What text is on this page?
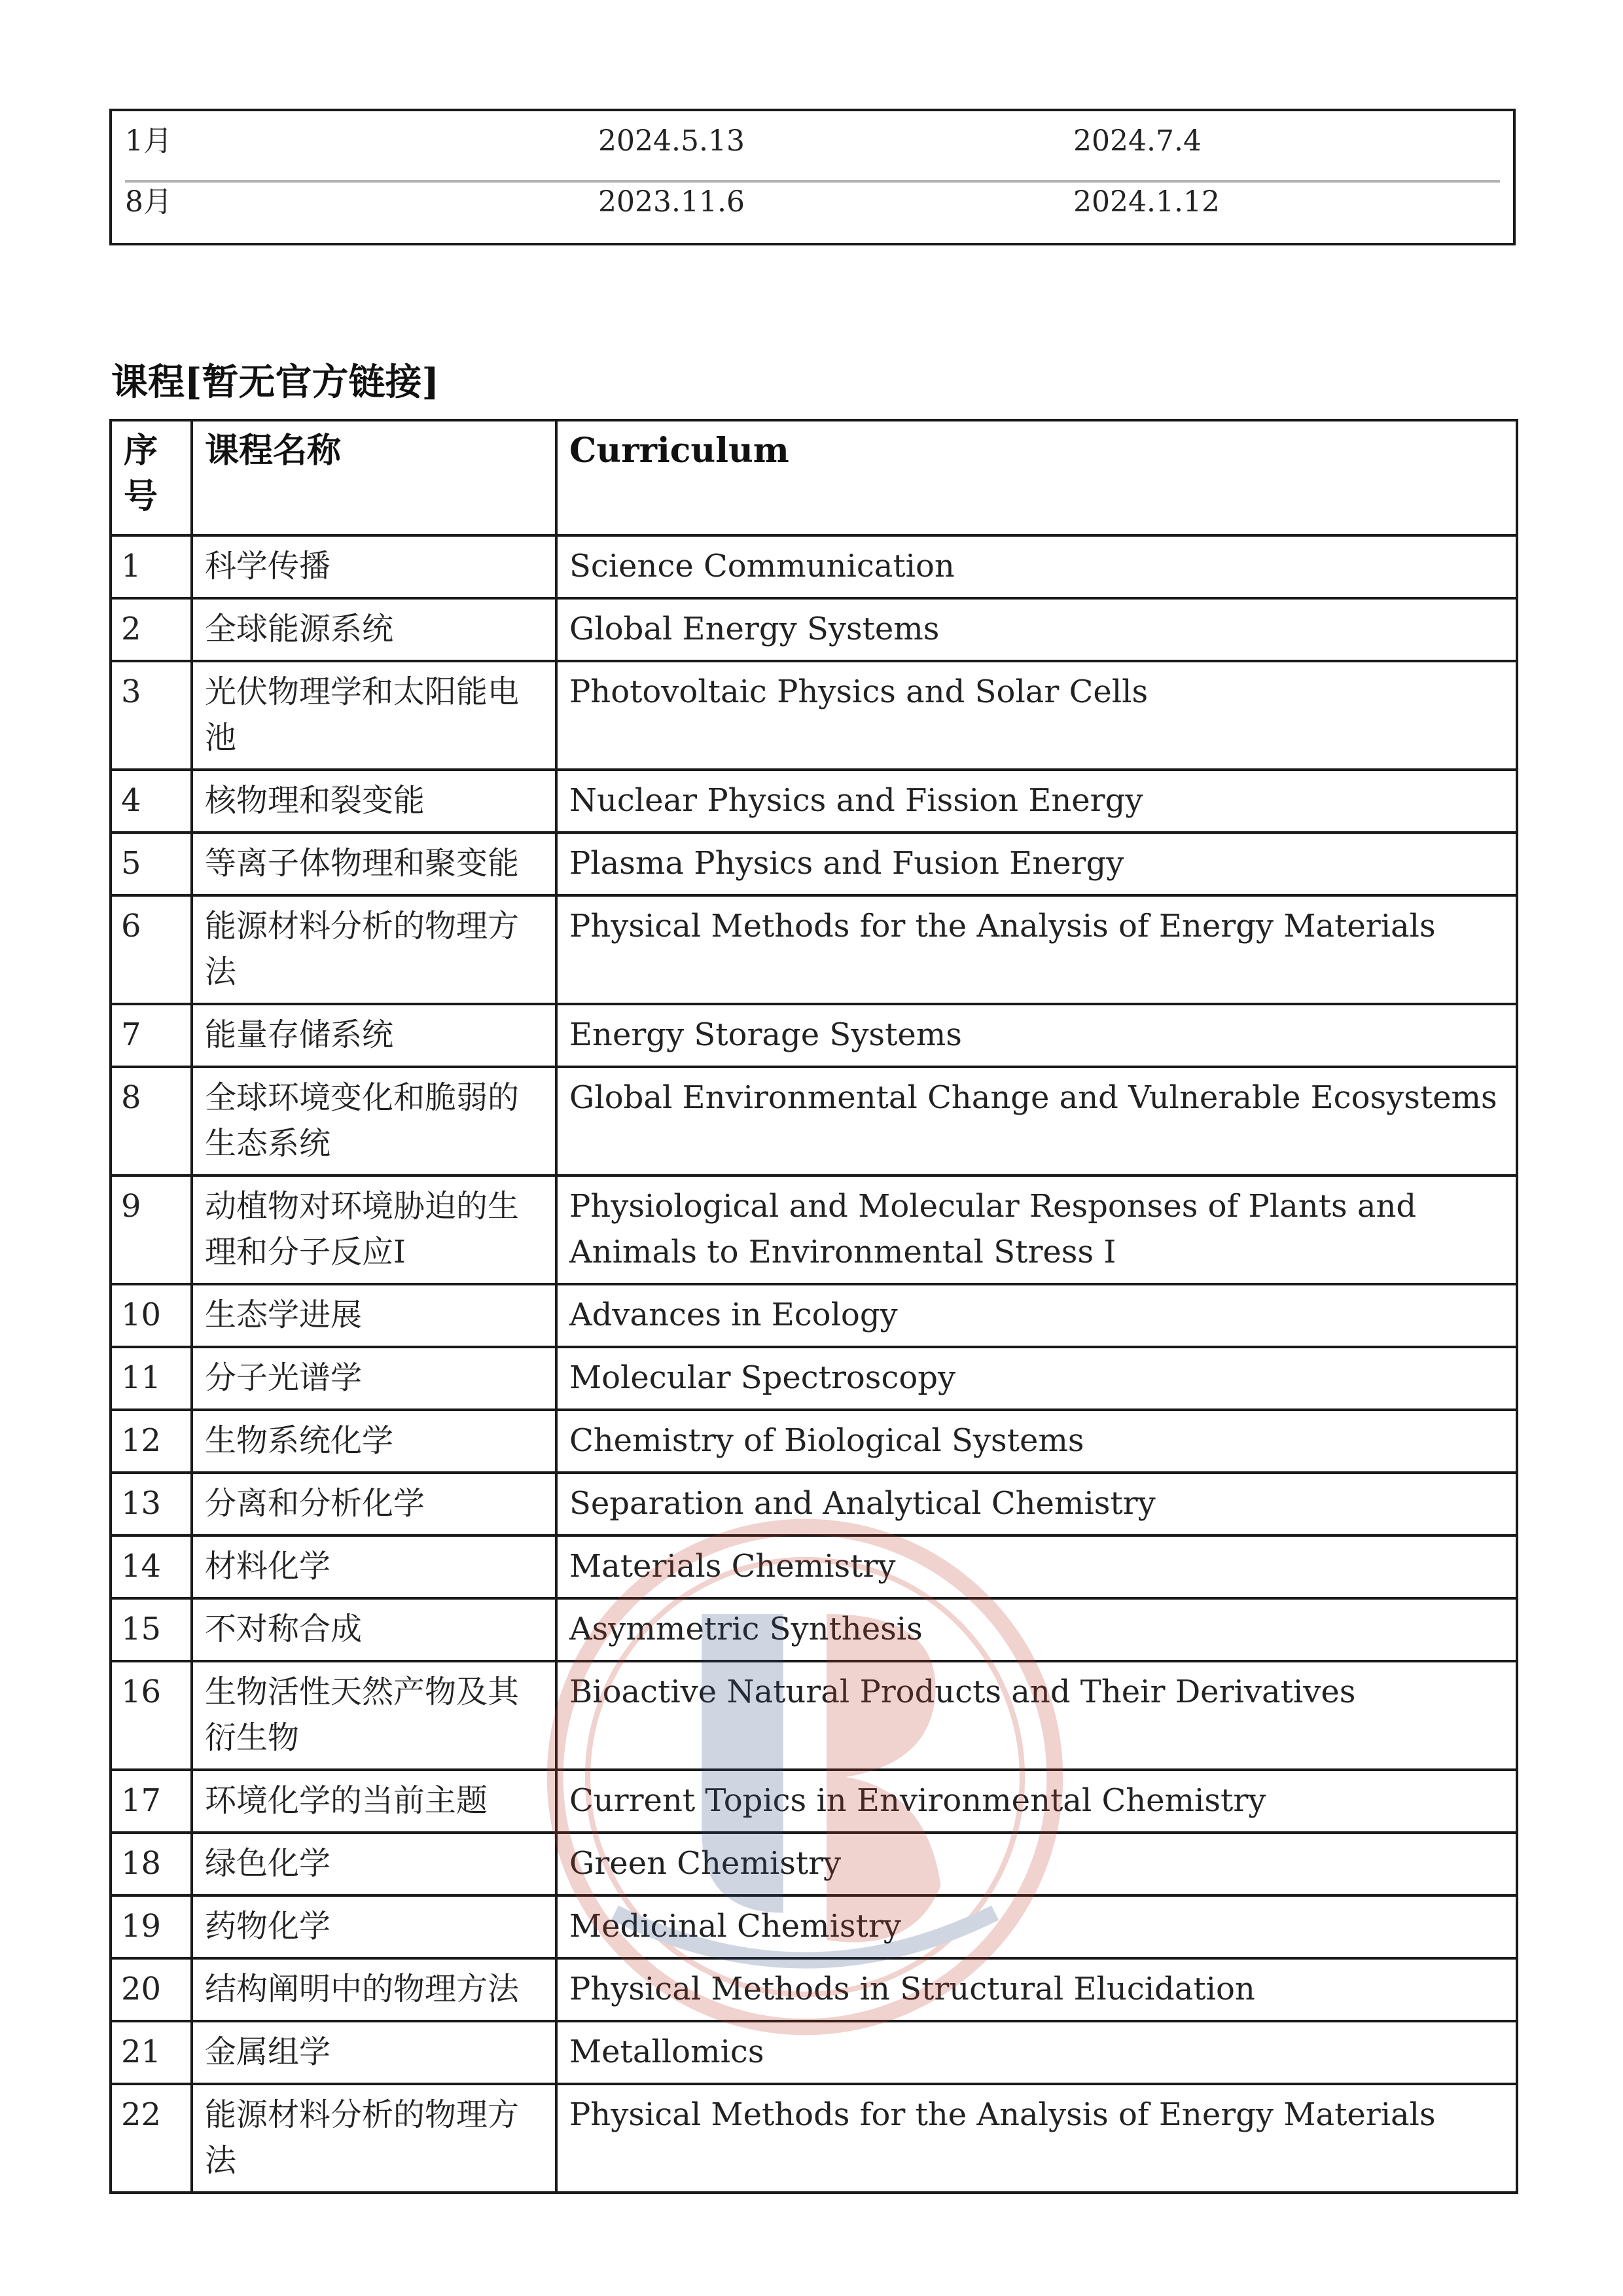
1月	2024.5.13	2024.7.4
8月	2023.11.6	2024.1.12
课程[暂无官方链接]
序号	课程名称	Curriculum
1	科学传播	Science Communication
2	全球能源系统	Global Energy Systems
3	光伏物理学和太阳能电池	Photovoltaic Physics and Solar Cells
4	核物理和裂变能	Nuclear Physics and Fission Energy
5	等离子体物理和聚变能	Plasma Physics and Fusion Energy
6	能源材料分析的物理方法	Physical Methods for the Analysis of Energy Materials
7	能量存储系统	Energy Storage Systems
8	全球环境变化和脆弱的生态系统	Global Environmental Change and Vulnerable Ecosystems
9	动植物对环境胁迫的生理和分子反应I	Physiological and Molecular Responses of Plants and Animals to Environmental Stress I
10	生态学进展	Advances in Ecology
11	分子光谱学	Molecular Spectroscopy
12	生物系统化学	Chemistry of Biological Systems
13	分离和分析化学	Separation and Analytical Chemistry
14	材料化学	Materials Chemistry
15	不对称合成	Asymmetric Synthesis
16	生物活性天然产物及其衍生物	Bioactive Natural Products and Their Derivatives
17	环境化学的当前主题	Current Topics in Environmental Chemistry
18	绿色化学	Green Chemistry
19	药物化学	Medicinal Chemistry
20	结构阐明中的物理方法	Physical Methods in Structural Elucidation
21	金属组学	Metallomics
22	能源材料分析的物理方法	Physical Methods for the Analysis of Energy Materials
